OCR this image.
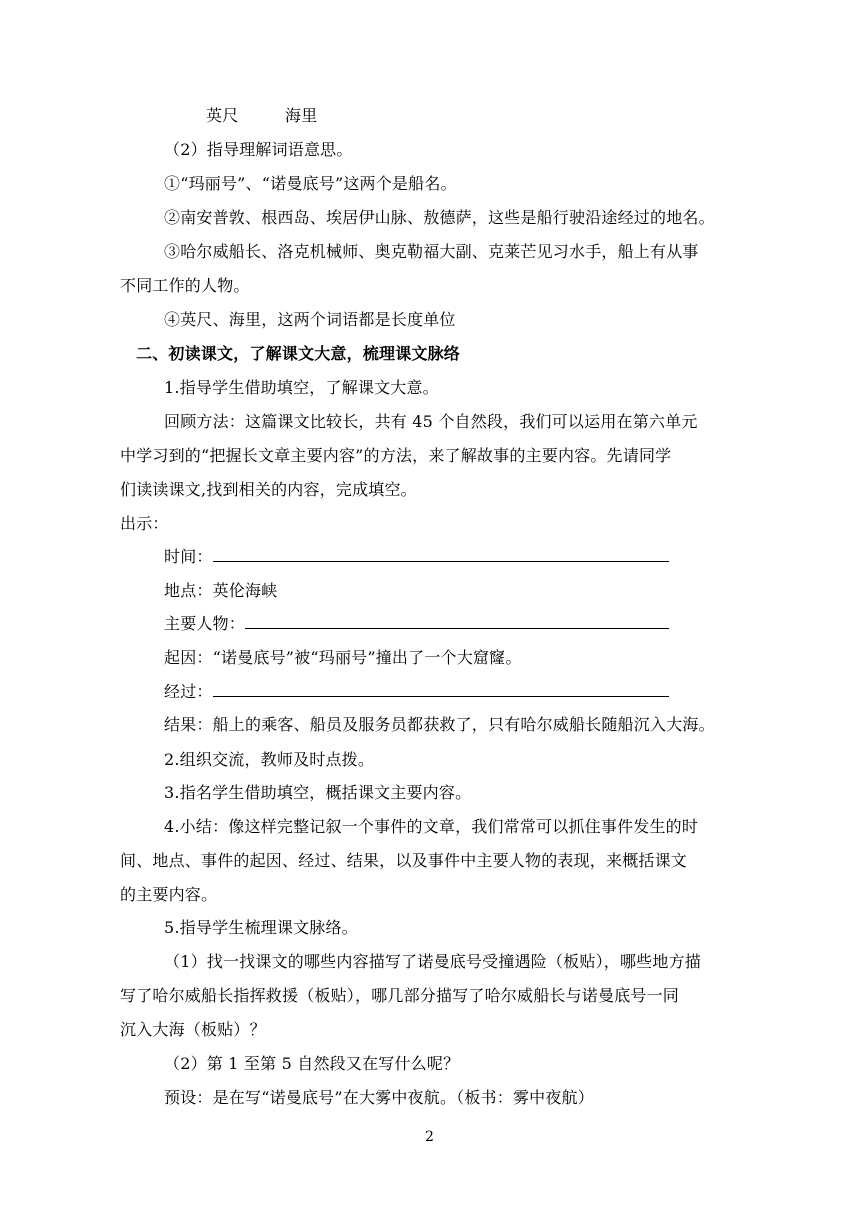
英尺	海里
（2）指导理解词语意思。
①“玛丽号”、“诺曼底号”这两个是船名。
②南安普敦、根西岛、埃居伊山脉、敖德萨，这些是船行驶沿途经过的地名。
③哈尔威船长、洛克机械师、奥克勒福大副、克莱芒见习水手，船上有从事
不同工作的人物。
④英尺、海里，这两个词语都是长度单位
二、初读课文，了解课文大意，梳理课文脉络
1.指导学生借助填空，了解课文大意。
回顾方法：这篇课文比较长，共有 45 个自然段，我们可以运用在第六单元
中学习到的“把握长文章主要内容”的方法，来了解故事的主要内容。先请同学
们读读课文,找到相关的内容，完成填空。
出示：
时间：
地点：英伦海峡
主要人物：
起因：“诺曼底号”被“玛丽号”撞出了一个大窟窿。
经过：
结果：船上的乘客、船员及服务员都获救了，只有哈尔威船长随船沉入大海。
2.组织交流，教师及时点拨。
3.指名学生借助填空，概括课文主要内容。
4.小结：像这样完整记叙一个事件的文章，我们常常可以抓住事件发生的时
间、地点、事件的起因、经过、结果，以及事件中主要人物的表现，来概括课文
的主要内容。
5.指导学生梳理课文脉络。
（1）找一找课文的哪些内容描写了诺曼底号受撞遇险（板贴），哪些地方描
写了哈尔威船长指挥救援（板贴），哪几部分描写了哈尔威船长与诺曼底号一同
沉入大海（板贴）？
（2）第 1 至第 5 自然段又在写什么呢？
预设：是在写“诺曼底号”在大雾中夜航。（板书：雾中夜航）
2
